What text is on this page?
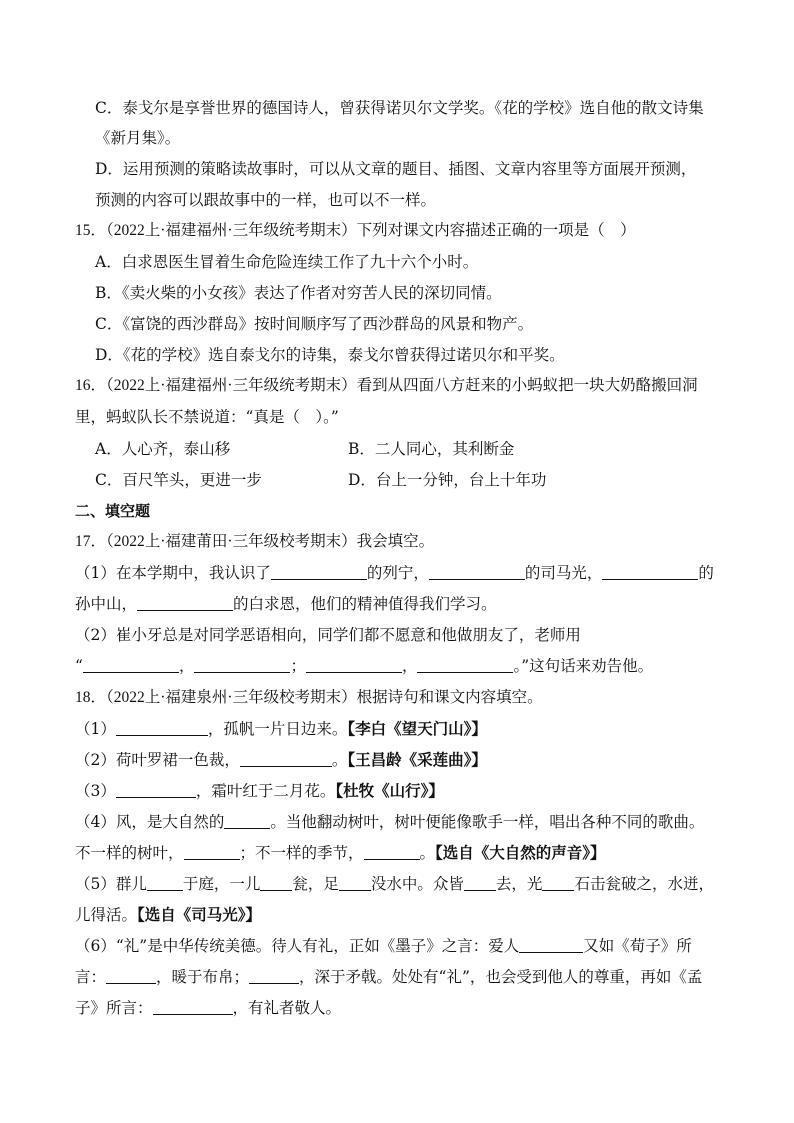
C．泰戈尔是享誉世界的德国诗人，曾获得诺贝尔文学奖。《花的学校》选自他的散文诗集
《新月集》。
D．运用预测的策略读故事时，可以从文章的题目、插图、文章内容里等方面展开预测，
预测的内容可以跟故事中的一样，也可以不一样。
15．（2022上·福建福州·三年级统考期末）下列对课文内容描述正确的一项是（　）
A．白求恩医生冒着生命危险连续工作了九十六个小时。
B．《卖火柴的小女孩》表达了作者对穷苦人民的深切同情。
C．《富饶的西沙群岛》按时间顺序写了西沙群岛的风景和物产。
D．《花的学校》选自泰戈尔的诗集，泰戈尔曾获得过诺贝尔和平奖。
16．（2022上·福建福州·三年级统考期末）看到从四面八方赶来的小蚂蚁把一块大奶酪搬回洞
里，蚂蚁队长不禁说道：“真是（　）。”
A．人心齐，泰山移	B．二人同心，其利断金
C．百尺竿头，更进一步	D．台上一分钟，台上十年功
二、填空题
17．（2022上·福建莆田·三年级校考期末）我会填空。
（1）在本学期中，我认识了	的列宁，	的司马光，	的
孙中山，	的白求恩，他们的精神值得我们学习。
（2）崔小牙总是对同学恶语相向，同学们都不愿意和他做朋友了，老师用
“	，	；	，	。”这句话来劝告他。
18．（2022上·福建泉州·三年级校考期末）根据诗句和课文内容填空。
（1）	，孤帆一片日边来。【李白《望天门山》】
（2）荷叶罗裙一色裁，	。【王昌龄《采莲曲》】
（3）	，霜叶红于二月花。【杜牧《山行》】
（4）风，是大自然的	。当他翻动树叶，树叶便能像歌手一样，唱出各种不同的歌曲。
不一样的树叶，	；不一样的季节，	。【选自《大自然的声音》】
（5）群儿 于庭，一儿 瓮，足 没水中。众皆 去，光 石击瓮破之，水迸，
儿得活。【选自《司马光》】
（6）“礼”是中华传统美德。待人有礼，正如《墨子》之言：爱人	又如《荀子》所
言：	，暖于布帛；	，深于矛戟。处处有“礼”，也会受到他人的尊重，再如《孟
子》所言：	，有礼者敬人。
